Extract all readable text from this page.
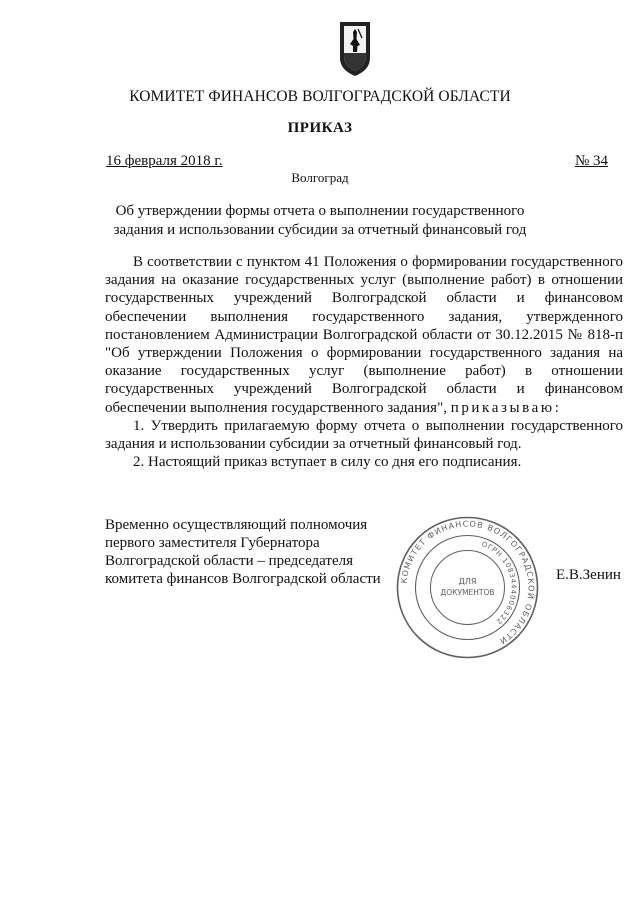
КОМИТЕТ ФИНАНСОВ ВОЛГОГРАДСКОЙ ОБЛАСТИ
ПРИКАЗ
16 февраля 2018 г.	№ 34
Волгоград
Об утверждении формы отчета о выполнении государственного задания и использовании субсидии за отчетный финансовый год

В соответствии с пунктом 41 Положения о формировании государственного задания на оказание государственных услуг (выполнение работ) в отношении государственных учреждений Волгоградской области и финансовом обеспечении выполнения государственного задания, утвержденного постановлением Администрации Волгоградской области от 30.12.2015 № 818-п "Об утверждении Положения о формировании государственного задания на оказание государственных услуг (выполнение работ) в отношении государственных учреждений Волгоградской области и финансовом обеспечении выполнения государственного задания", приказываю:

1. Утвердить прилагаемую форму отчета о выполнении государственного задания и использовании субсидии за отчетный финансовый год.

2. Настоящий приказ вступает в силу со дня его подписания.

Временно осуществляющий полномочия
первого заместителя Губернатора
Волгоградской области – председателя
комитета финансов Волгоградской области	КОМИТЕТ ФИНАНСОВ ВОЛГОГРАДСКОЙ ОБЛАСТИ
ОГРН 1083444006322
ДЛЯ
ДОКУМЕНТОВ
Е.В.Зенин
